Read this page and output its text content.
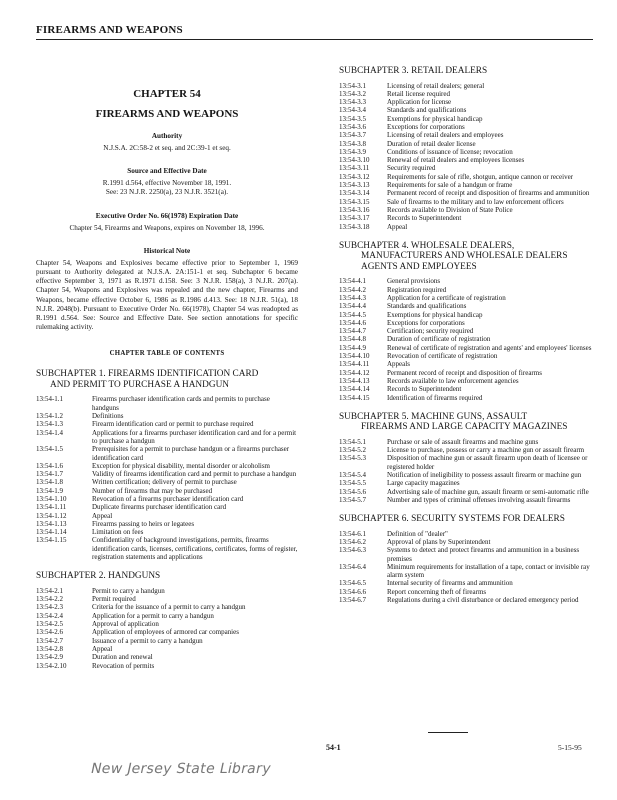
FIREARMS AND WEAPONS
CHAPTER 54
FIREARMS AND WEAPONS
Authority
N.J.S.A. 2C:58-2 et seq. and 2C:39-1 et seq.
Source and Effective Date
R.1991 d.564, effective November 18, 1991.
See: 23 N.J.R. 2250(a), 23 N.J.R. 3521(a).
Executive Order No. 66(1978) Expiration Date
Chapter 54, Firearms and Weapons, expires on November 18, 1996.
Historical Note

Chapter 54, Weapons and Explosives became effective prior to September 1, 1969 pursuant to Authority delegated at N.J.S.A. 2A:151-1 et seq. Subchapter 6 became effective September 3, 1971 as R.1971 d.158. See: 3 N.J.R. 158(a), 3 N.J.R. 207(a). Chapter 54, Weapons and Explosives was repealed and the new chapter, Firearms and Weapons, became effective October 6, 1986 as R.1986 d.413. See: 18 N.J.R. 51(a), 18 N.J.R. 2048(b). Pursuant to Executive Order No. 66(1978), Chapter 54 was readopted as R.1991 d.564. See: Source and Effective Date. See section annotations for specific rulemaking activity.

CHAPTER TABLE OF CONTENTS
SUBCHAPTER 1. FIREARMS IDENTIFICATION CARD
AND PERMIT TO PURCHASE A HANDGUN
13:54-1.1	Firearms purchaser identification cards and permits to purchase handguns
13:54-1.2	Definitions
13:54-1.3	Firearm identification card or permit to purchase required
13:54-1.4	Applications for a firearms purchaser identification card and for a permit to purchase a handgun
13:54-1.5	Prerequisites for a permit to purchase handgun or a firearms purchaser identification card
13:54-1.6	Exception for physical disability, mental disorder or alcoholism
13:54-1.7	Validity of firearms identification card and permit to purchase a handgun
13:54-1.8	Written certification; delivery of permit to purchase
13:54-1.9	Number of firearms that may be purchased
13:54-1.10	Revocation of a firearms purchaser identification card
13:54-1.11	Duplicate firearms purchaser identification card
13:54-1.12	Appeal
13:54-1.13	Firearms passing to heirs or legatees
13:54-1.14	Limitation on fees
13:54-1.15	Confidentiality of background investigations, permits, firearms identification cards, licenses, certifications, certificates, forms of register, registration statements and applications
SUBCHAPTER 2. HANDGUNS
13:54-2.1	Permit to carry a handgun
13:54-2.2	Permit required
13:54-2.3	Criteria for the issuance of a permit to carry a handgun
13:54-2.4	Application for a permit to carry a handgun
13:54-2.5	Approval of application
13:54-2.6	Application of employees of armored car companies
13:54-2.7	Issuance of a permit to carry a handgun
13:54-2.8	Appeal
13:54-2.9	Duration and renewal
13:54-2.10	Revocation of permits
SUBCHAPTER 3. RETAIL DEALERS
13:54-3.1	Licensing of retail dealers; general
13:54-3.2	Retail license required
13:54-3.3	Application for license
13:54-3.4	Standards and qualifications
13:54-3.5	Exemptions for physical handicap
13:54-3.6	Exceptions for corporations
13:54-3.7	Licensing of retail dealers and employees
13:54-3.8	Duration of retail dealer license
13:54-3.9	Conditions of issuance of license; revocation
13:54-3.10 Renewal of retail dealers and employees licenses
13:54-3.11	Security required
13:54-3.12 Requirements for sale of rifle, shotgun, antique cannon or receiver
13:54-3.13 Requirements for sale of a handgun or frame
13:54-3.14 Permanent record of receipt and disposition of firearms and ammunition
13:54-3.15 Sale of firearms to the military and to law enforcement officers
13:54-3.16 Records available to Division of State Police
13:54-3.17 Records to Superintendent
13:54-3.18 Appeal
SUBCHAPTER 4. WHOLESALE DEALERS,
MANUFACTURERS AND WHOLESALE DEALERS AGENTS AND EMPLOYEES
13:54-4.1	General provisions
13:54-4.2	Registration required
13:54-4.3	Application for a certificate of registration
13:54-4.4	Standards and qualifications
13:54-4.5	Exemptions for physical handicap
13:54-4.6	Exceptions for corporations
13:54-4.7	Certification; security required
13:54-4.8	Duration of certificate of registration
13:54-4.9	Renewal of certificate of registration and agents' and employees' licenses
13:54-4.10 Revocation of certificate of registration
13:54-4.11	Appeals
13:54-4.12 Permanent record of receipt and disposition of firearms
13:54-4.13 Records available to law enforcement agencies
13:54-4.14 Records to Superintendent
13:54-4.15 Identification of firearms required
SUBCHAPTER 5. MACHINE GUNS, ASSAULT
FIREARMS AND LARGE CAPACITY MAGAZINES
13:54-5.1	Purchase or sale of assault firearms and machine guns
13:54-5.2	License to purchase, possess or carry a machine gun or assault firearm
13:54-5.3	Disposition of machine gun or assault firearm upon death of licensee or registered holder
13:54-5.4	Notification of ineligibility to possess assault firearm or machine gun
13:54-5.5	Large capacity magazines
13:54-5.6	Advertising sale of machine gun, assault firearm or semi-automatic rifle
13:54-5.7	Number and types of criminal offenses involving assault firearms
SUBCHAPTER 6. SECURITY SYSTEMS FOR DEALERS
13:54-6.1	Definition of "dealer"
13:54-6.2	Approval of plans by Superintendent
13:54-6.3	Systems to detect and protect firearms and ammunition in a business premises
13:54-6.4	Minimum requirements for installation of a tape, contact or invisible ray alarm system
13:54-6.5	Internal security of firearms and ammunition
13:54-6.6	Report concerning theft of firearms
13:54-6.7	Regulations during a civil disturbance or declared emergency period
54-1	5-15-95
New Jersey State Library
